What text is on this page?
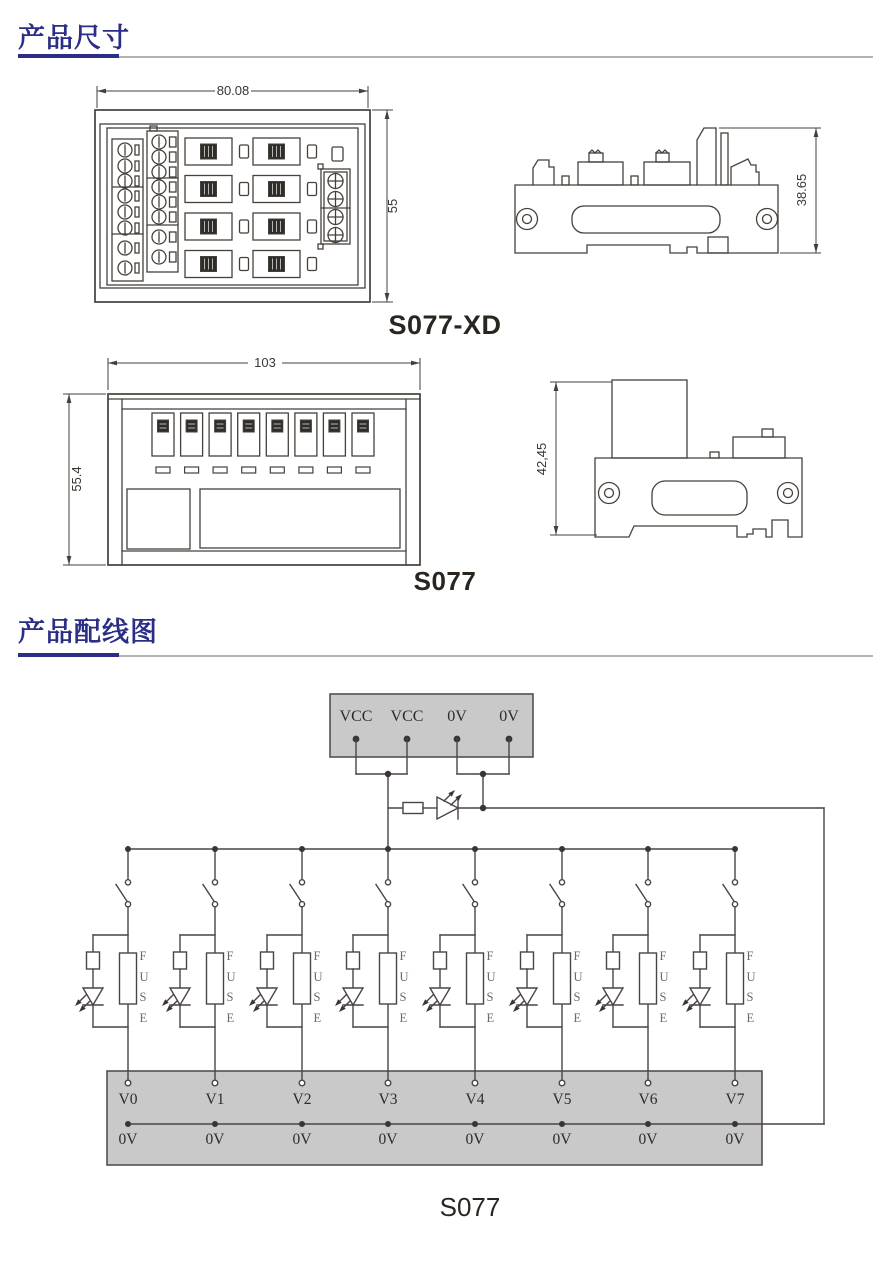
产品尺寸
80.08
55	38.65
S077-XD
103
55.4
42,45
S077
产品配线图
F
U
S
E
VCC VCC 0V 0V
V0	V1	V2	V3	V4	V5	V6	V7
0V	0V	0V	0V	0V	0V	0V	0V
S077
